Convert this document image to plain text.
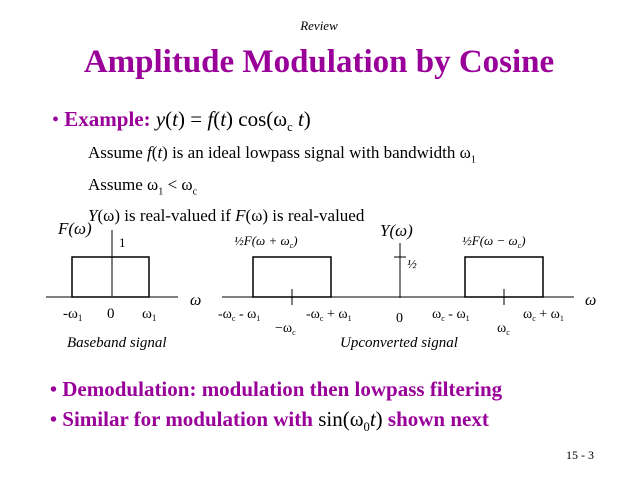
Review
Amplitude Modulation by Cosine
• Example: y(t) = f(t) $\cos(\omega_c$ t)
Assume f(t) is an ideal lowpass signal with bandwidth $\omega_1$
Assume $\omega_1 < \omega_c$
Y(ω) is real-valued if F(ω) is real-valued
F(ω)
1
$-\omega_1$ 0 $\omega_1$
ω
Baseband signal
½F(ω + $\omega_c$)
Y(ω)
½F(ω − $\omega_c$)
½
$-\omega_c - \omega_1$	$-\omega_c + \omega_1$	0 $\omega_c - \omega_1$	$\omega_c + \omega_1$
$-\omega_c$	$\omega_c$
ω
Upconverted signal
• Demodulation: modulation then lowpass filtering
• Similar for modulation with $\sin(\omega_0t)$ shown next
15 - 3
